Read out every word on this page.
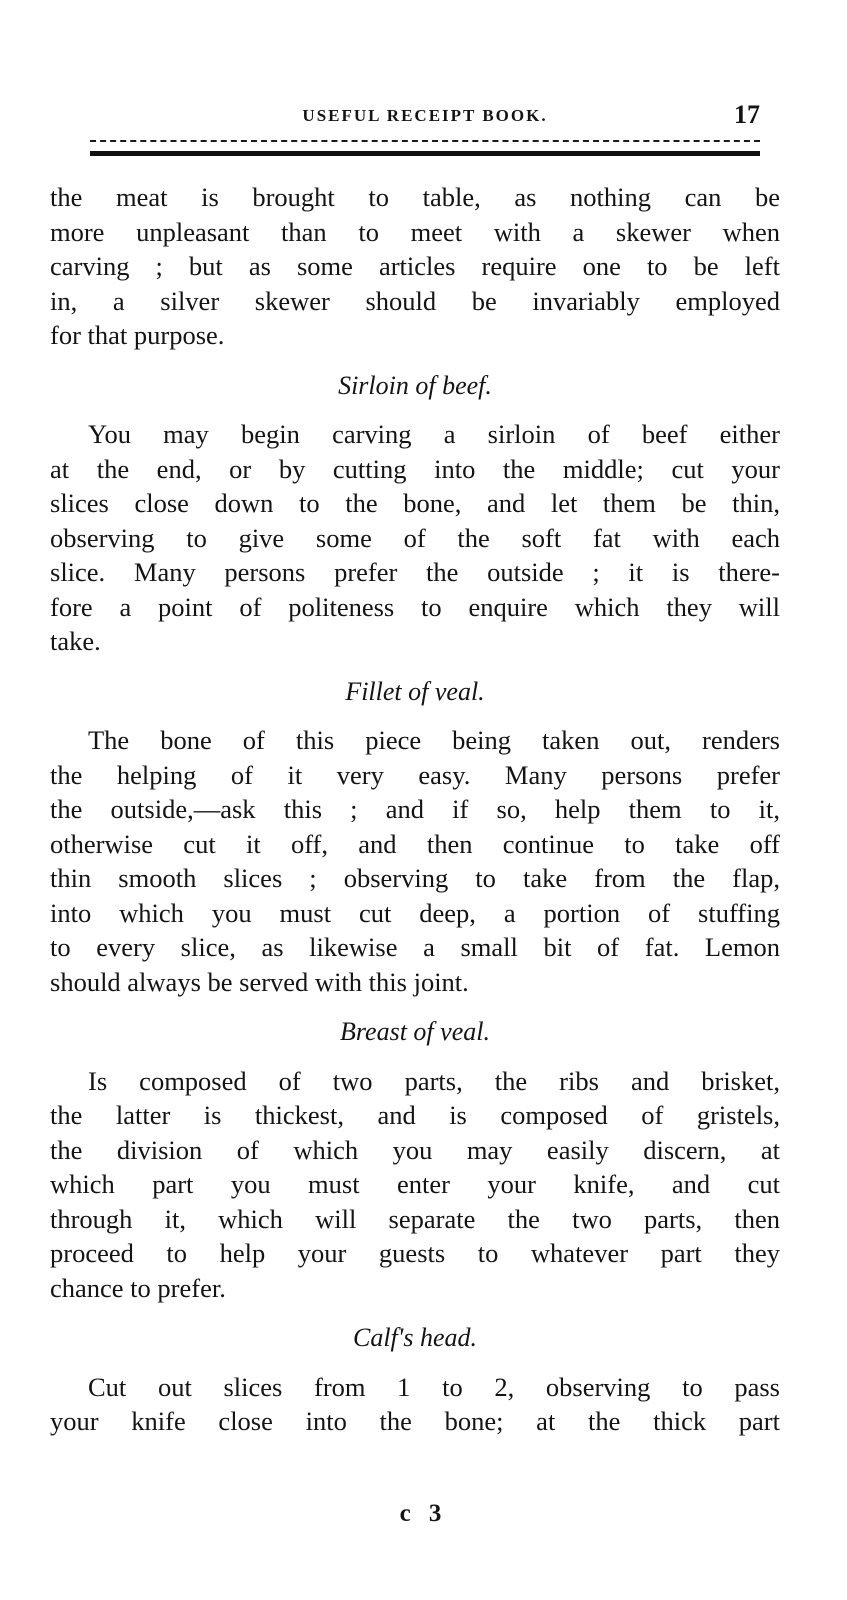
USEFUL RECEIPT BOOK.	17
the meat is brought to table, as nothing can be
more unpleasant than to meet with a skewer when
carving ; but as some articles require one to be left
in, a silver skewer should be invariably employed
for that purpose.
Sirloin of beef.
You may begin carving a sirloin of beef either
at the end, or by cutting into the middle; cut your
slices close down to the bone, and let them be thin,
observing to give some of the soft fat with each
slice. Many persons prefer the outside ; it is there-
fore a point of politeness to enquire which they will
take.
Fillet of veal.
The bone of this piece being taken out, renders
the helping of it very easy. Many persons prefer
the outside,—ask this ; and if so, help them to it,
otherwise cut it off, and then continue to take off
thin smooth slices ; observing to take from the flap,
into which you must cut deep, a portion of stuffing
to every slice, as likewise a small bit of fat. Lemon
should always be served with this joint.
Breast of veal.
Is composed of two parts, the ribs and brisket,
the latter is thickest, and is composed of gristels,
the division of which you may easily discern, at
which part you must enter your knife, and cut
through it, which will separate the two parts, then
proceed to help your guests to whatever part they
chance to prefer.
Calf's head.
Cut out slices from 1 to 2, observing to pass
your knife close into the bone; at the thick part
c 3
